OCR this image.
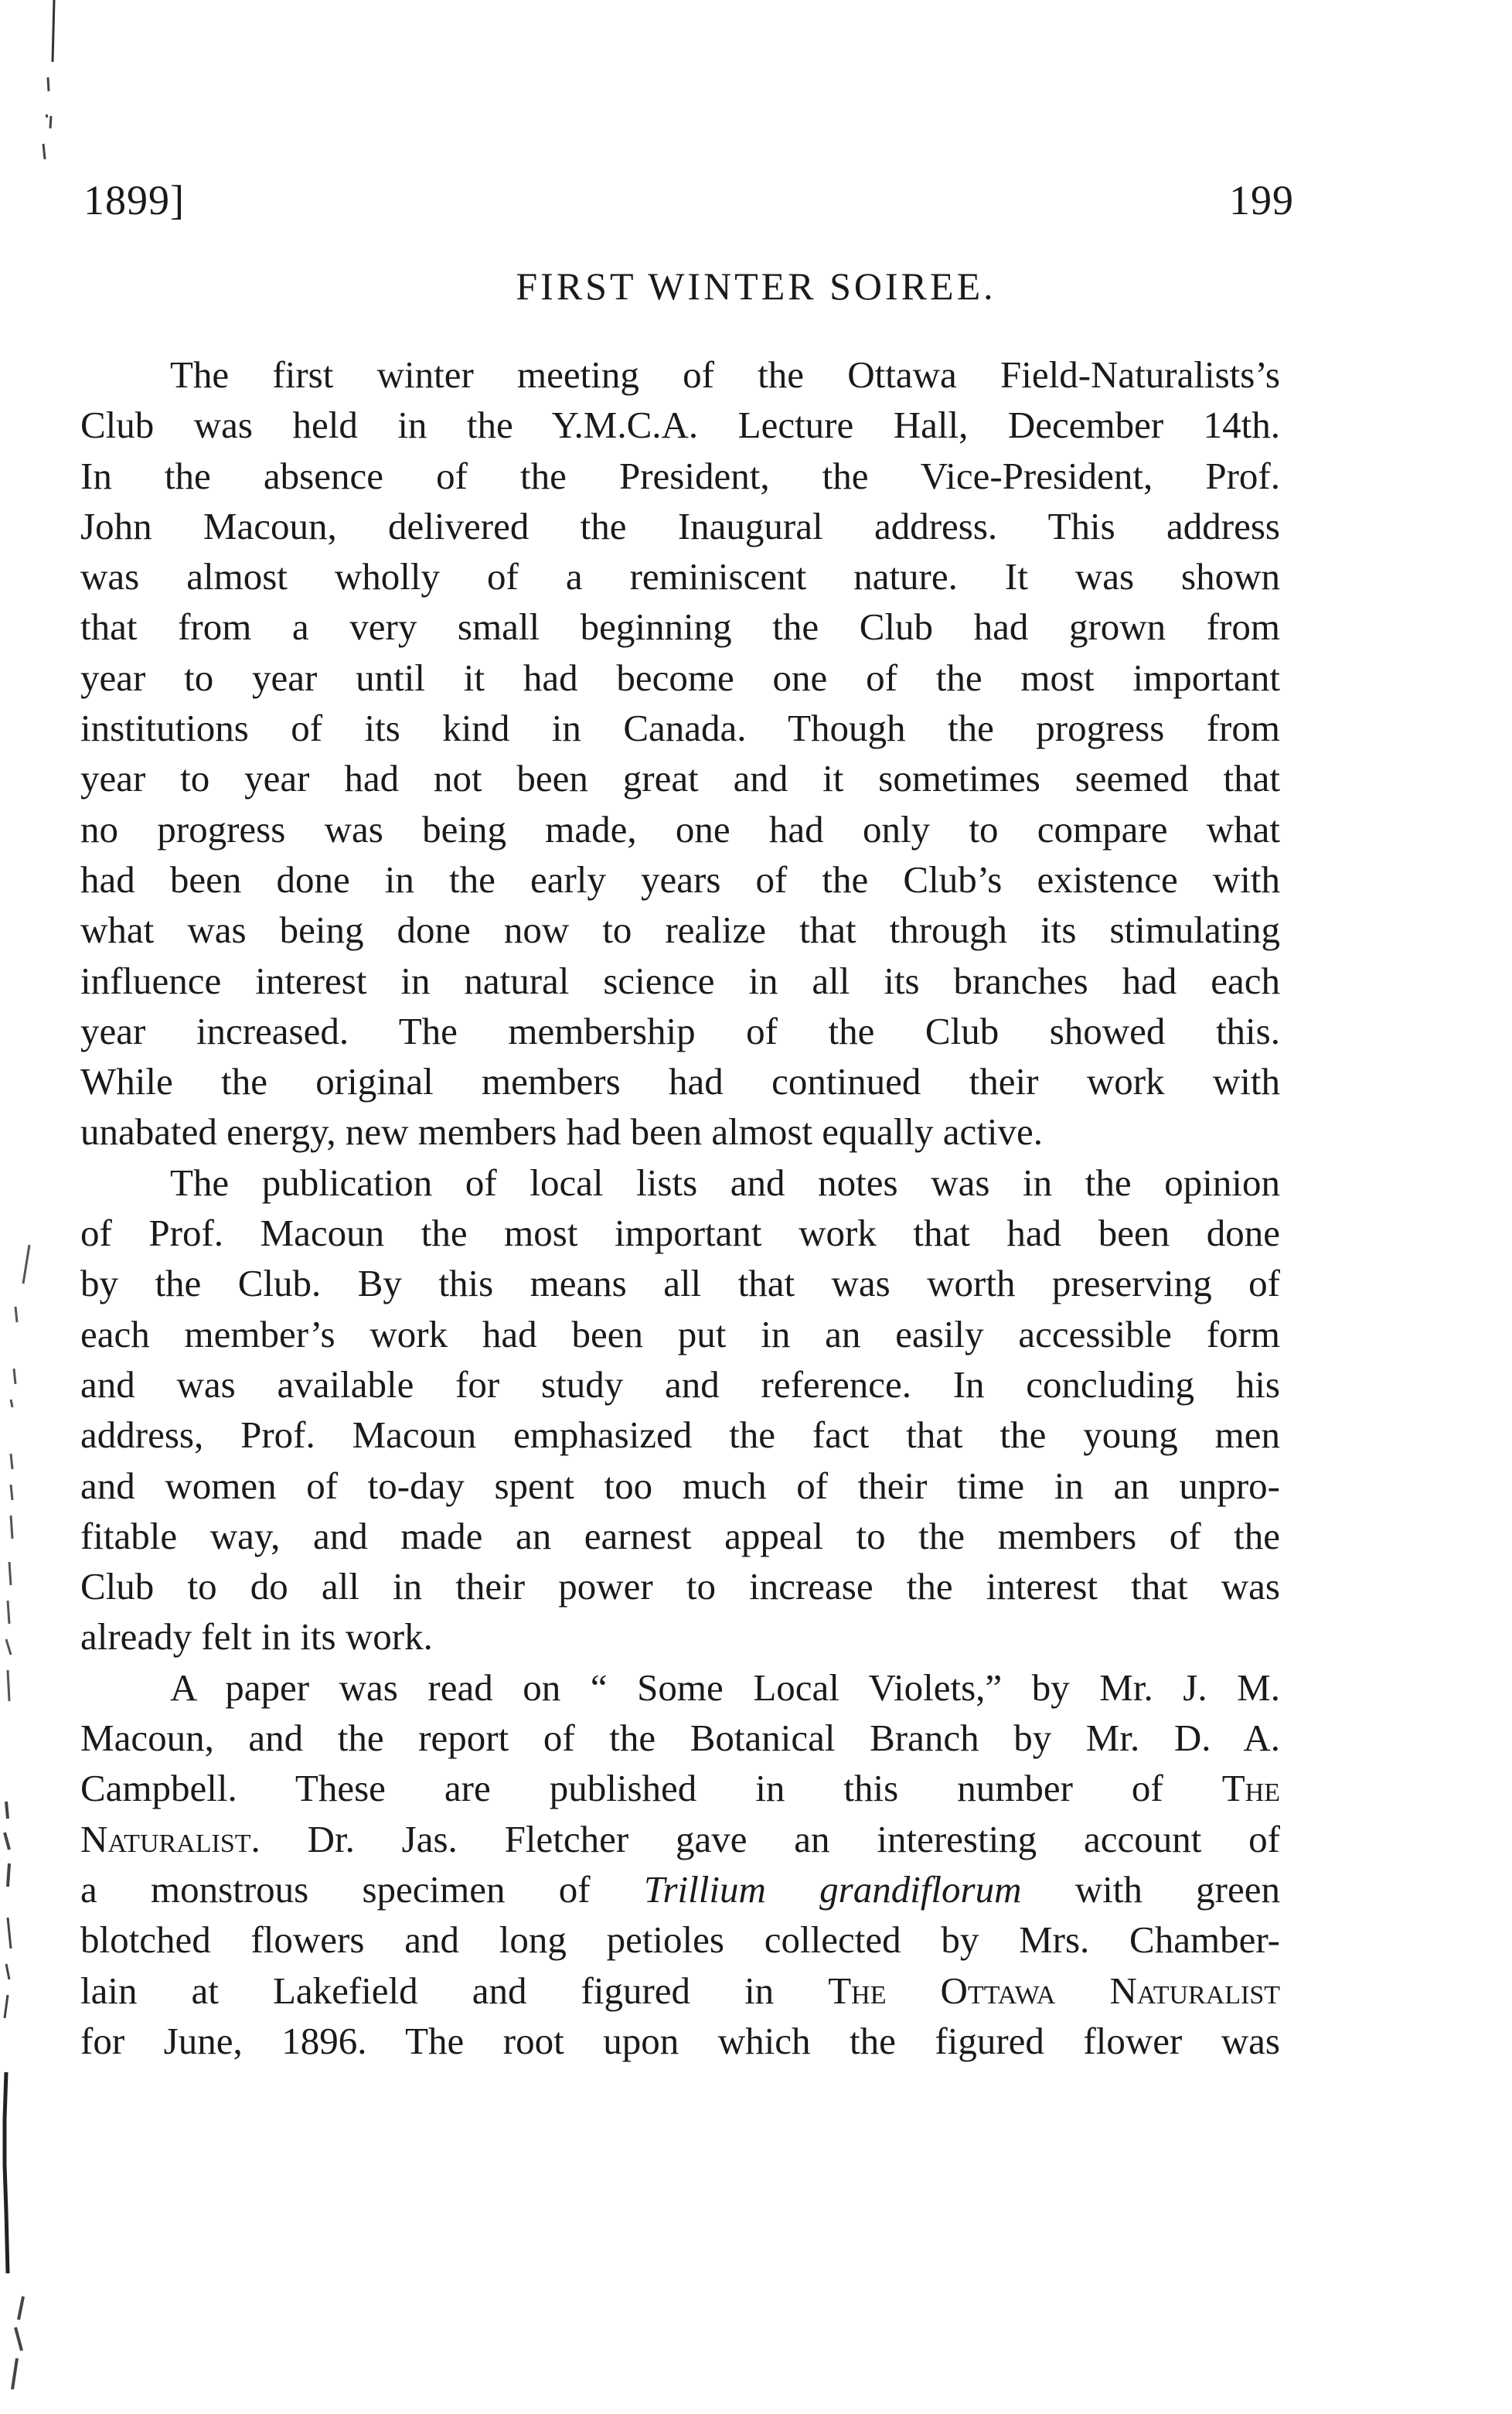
1899]	199
FIRST WINTER SOIREE.

The first winter meeting of the Ottawa Field-Naturalists’s
Club was held in the Y.M.C.A. Lecture Hall, December 14th.
In the absence of the President, the Vice-President, Prof.
John Macoun, delivered the Inaugural address. This address
was almost wholly of a reminiscent nature. It was shown
that from a very small beginning the Club had grown from
year to year until it had become one of the most important
institutions of its kind in Canada. Though the progress from
year to year had not been great and it sometimes seemed that
no progress was being made, one had only to compare what
had been done in the early years of the Club’s existence with
what was being done now to realize that through its stimulating
influence interest in natural science in all its branches had each
year increased. The membership of the Club showed this.
While the original members had continued their work with
unabated energy, new members had been almost equally active.

The publication of local lists and notes was in the opinion
of Prof. Macoun the most important work that had been done
by the Club. By this means all that was worth preserving of
each member’s work had been put in an easily accessible form
and was available for study and reference. In concluding his
address, Prof. Macoun emphasized the fact that the young men
and women of to-day spent too much of their time in an unpro-
fitable way, and made an earnest appeal to the members of the
Club to do all in their power to increase the interest that was
already felt in its work.

A paper was read on “ Some Local Violets,” by Mr. J. M.
Macoun, and the report of the Botanical Branch by Mr. D. A.
Campbell. These are published in this number of The
Naturalist. Dr. Jas. Fletcher gave an interesting account of
a monstrous specimen of Trillium grandiflorum with green
blotched flowers and long petioles collected by Mrs. Chamber-
lain at Lakefield and figured in The Ottawa Naturalist
for June, 1896. The root upon which the figured flower was
